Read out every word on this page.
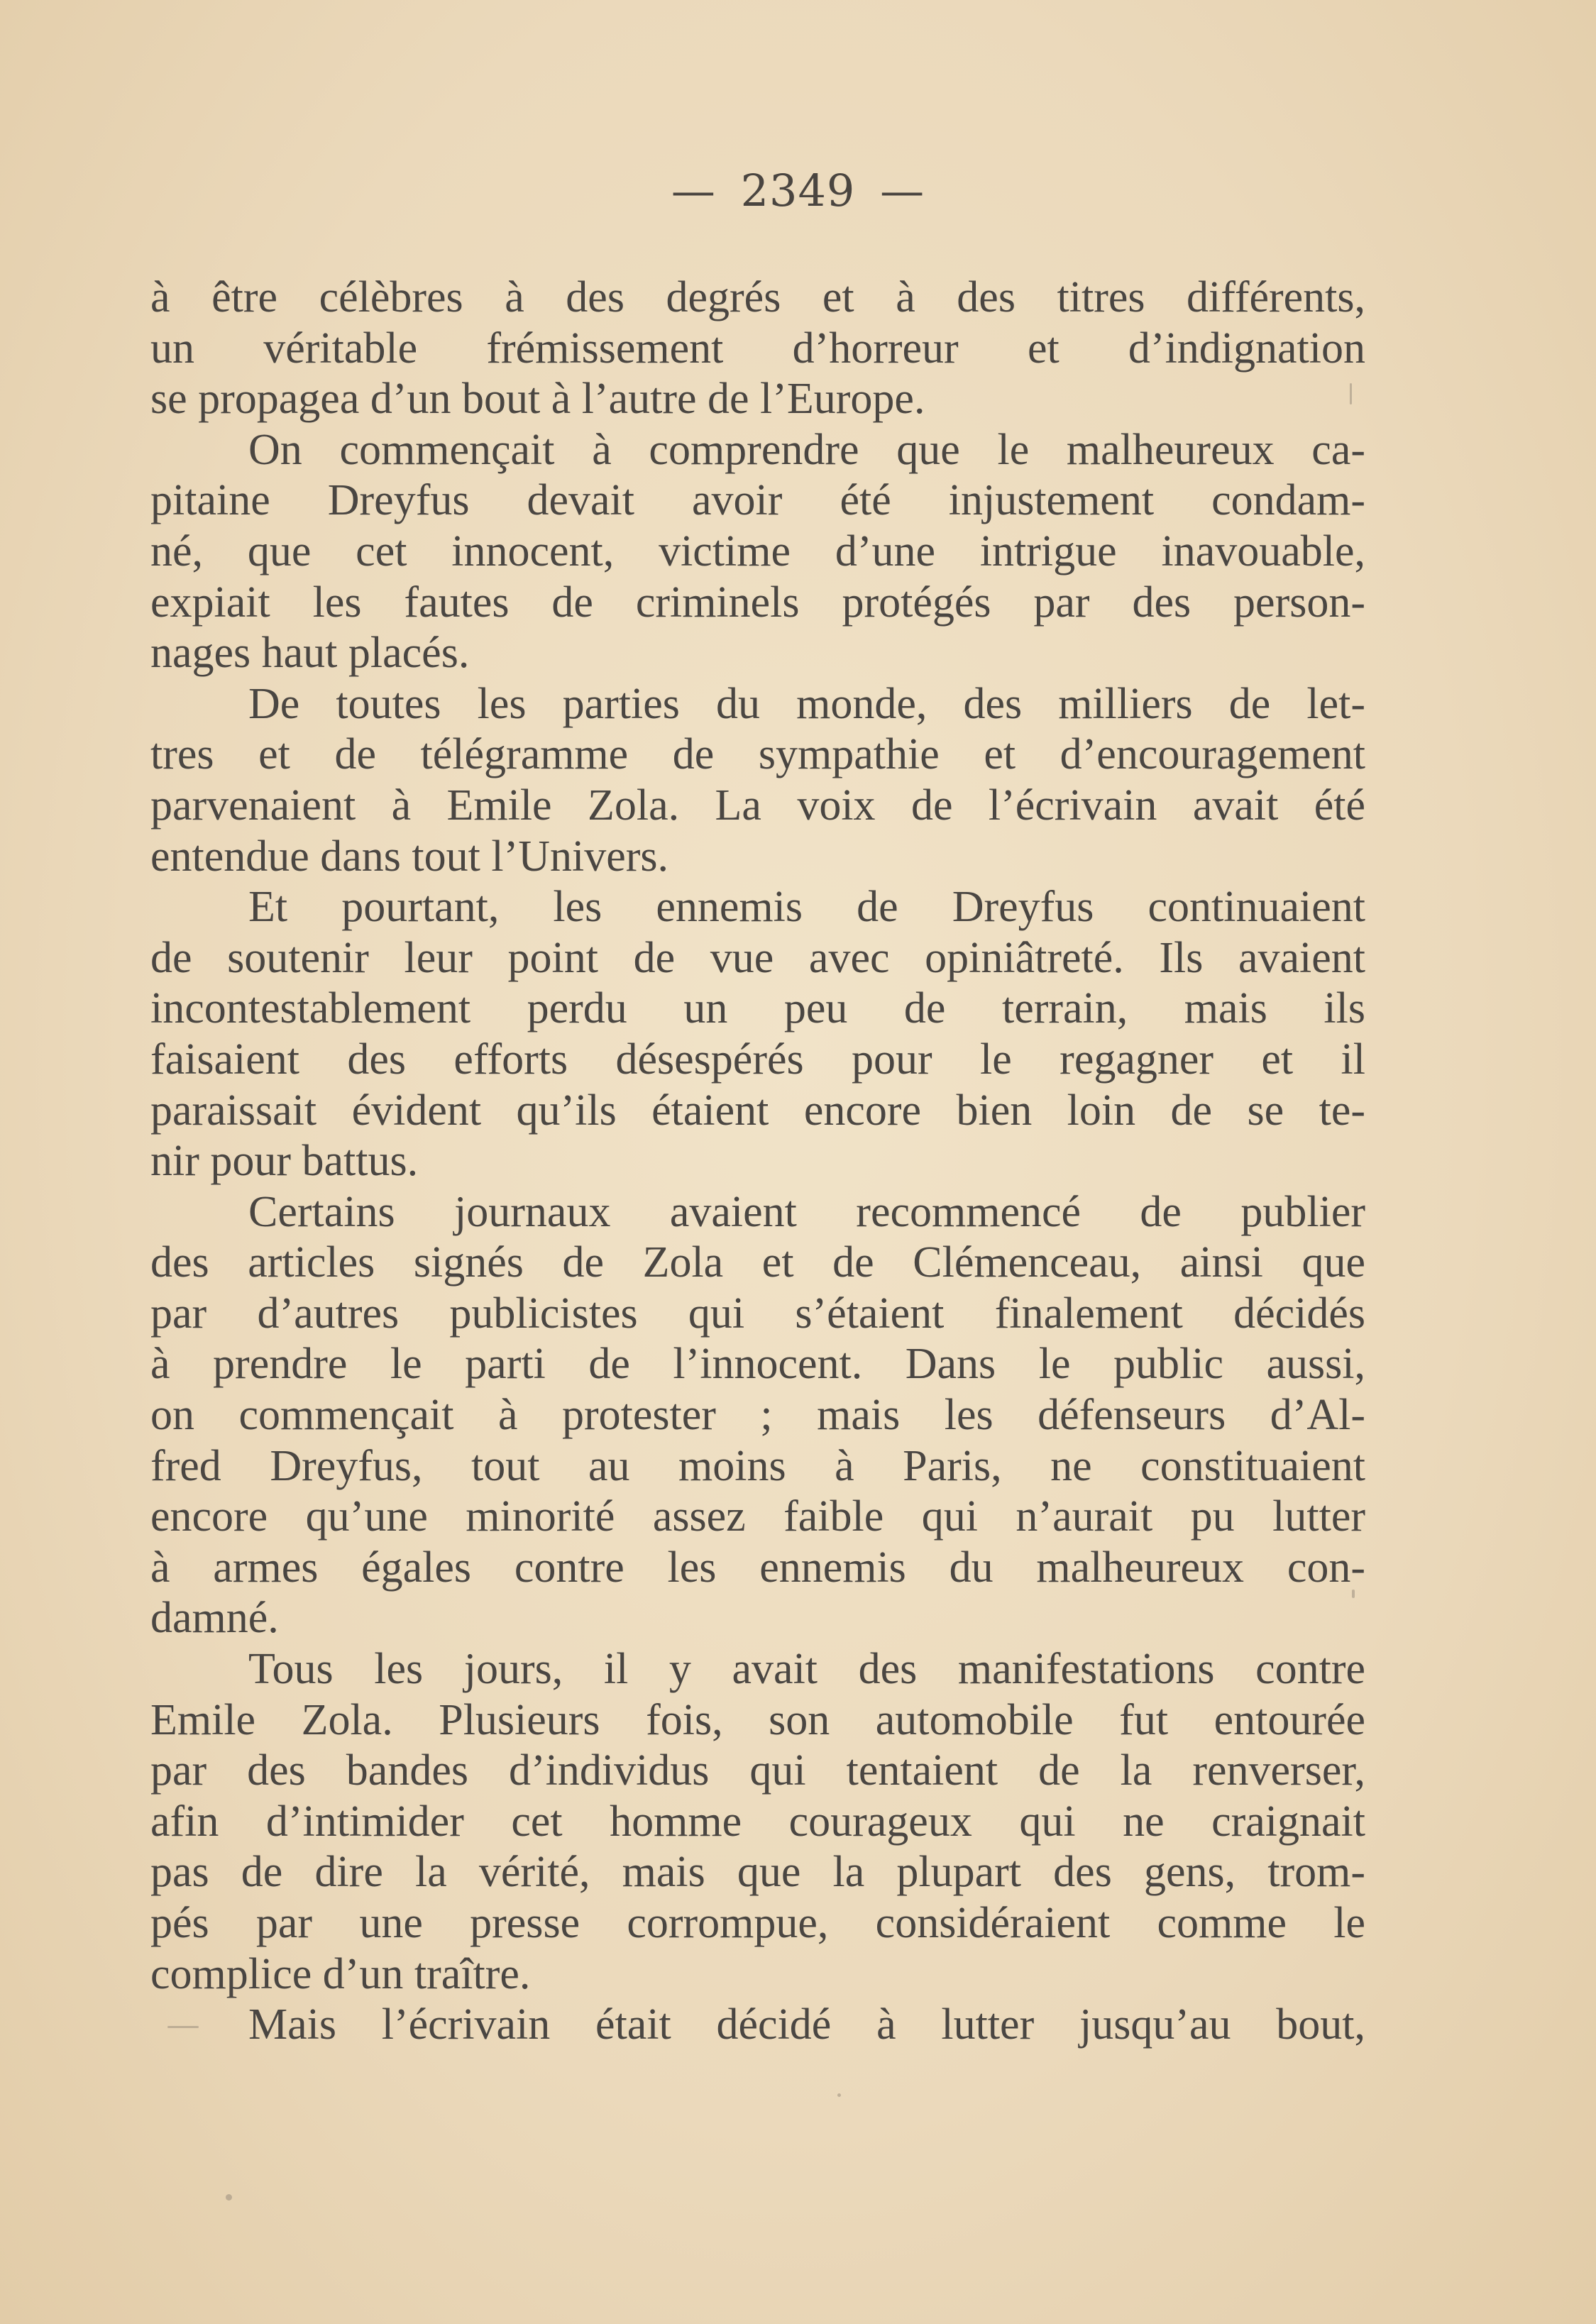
— 2349 —
à être célèbres à des degrés et à des titres différents,
un véritable frémissement d’horreur et d’indignation
se propagea d’un bout à l’autre de l’Europe.
On commençait à comprendre que le malheureux ca-
pitaine Dreyfus devait avoir été injustement condam-
né, que cet innocent, victime d’une intrigue inavouable,
expiait les fautes de criminels protégés par des person-
nages haut placés.
De toutes les parties du monde, des milliers de let-
tres et de télégramme de sympathie et d’encouragement
parvenaient à Emile Zola. La voix de l’écrivain avait été
entendue dans tout l’Univers.
Et pourtant, les ennemis de Dreyfus continuaient
de soutenir leur point de vue avec opiniâtreté. Ils avaient
incontestablement perdu un peu de terrain, mais ils
faisaient des efforts désespérés pour le regagner et il
paraissait évident qu’ils étaient encore bien loin de se te-
nir pour battus.
Certains journaux avaient recommencé de publier
des articles signés de Zola et de Clémenceau, ainsi que
par d’autres publicistes qui s’étaient finalement décidés
à prendre le parti de l’innocent. Dans le public aussi,
on commençait à protester ; mais les défenseurs d’Al-
fred Dreyfus, tout au moins à Paris, ne constituaient
encore qu’une minorité assez faible qui n’aurait pu lutter
à armes égales contre les ennemis du malheureux con-
damné.
Tous les jours, il y avait des manifestations contre
Emile Zola. Plusieurs fois, son automobile fut entourée
par des bandes d’individus qui tentaient de la renverser,
afin d’intimider cet homme courageux qui ne craignait
pas de dire la vérité, mais que la plupart des gens, trom-
pés par une presse corrompue, considéraient comme le
complice d’un traître.
Mais l’écrivain était décidé à lutter jusqu’au bout,
